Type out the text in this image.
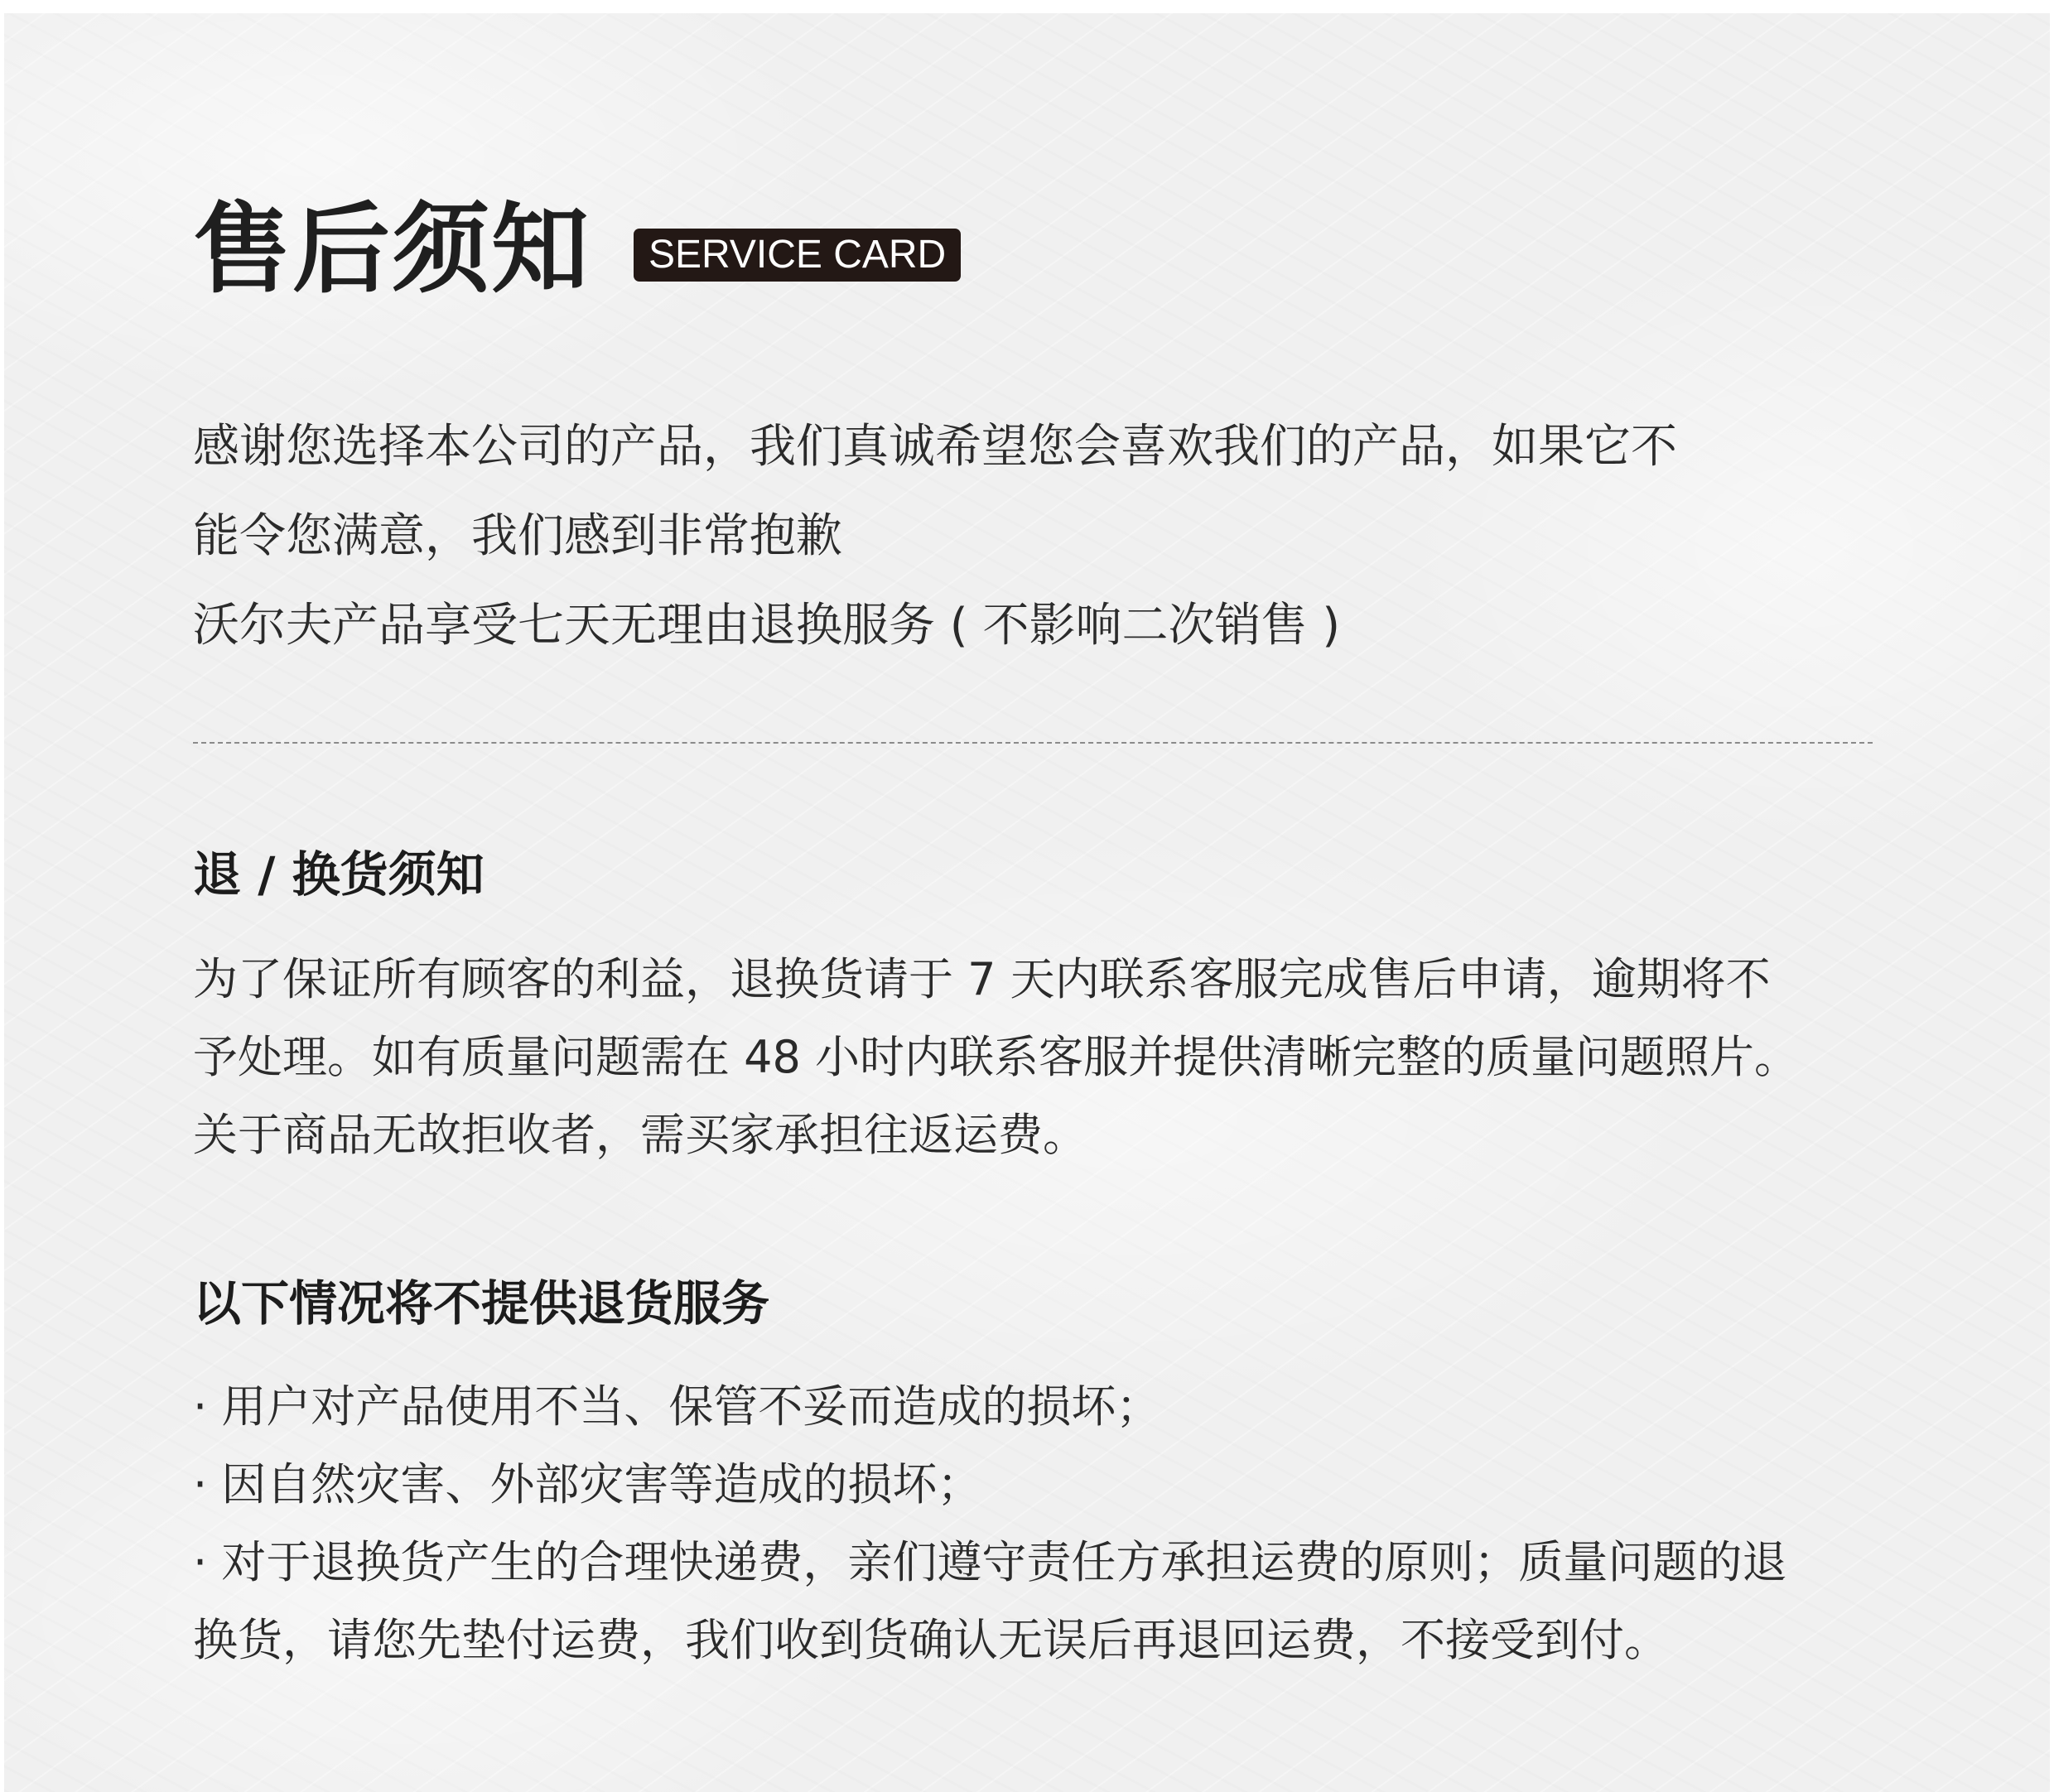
售后须知	SERVICE CARD
感谢您选择本公司的产品，我们真诚希望您会喜欢我们的产品，如果它不
能令您满意，我们感到非常抱歉
沃尔夫产品享受七天无理由退换服务 ( 不影响二次销售 )
退 / 换货须知
为了保证所有顾客的利益，退换货请于 7 天内联系客服完成售后申请，逾期将不
予处理。如有质量问题需在 48 小时内联系客服并提供清晰完整的质量问题照片。
关于商品无故拒收者，需买家承担往返运费。
以下情况将不提供退货服务
· 用户对产品使用不当、保管不妥而造成的损坏；
· 因自然灾害、外部灾害等造成的损坏；
· 对于退换货产生的合理快递费，亲们遵守责任方承担运费的原则；质量问题的退
换货，请您先垫付运费，我们收到货确认无误后再退回运费，不接受到付。
